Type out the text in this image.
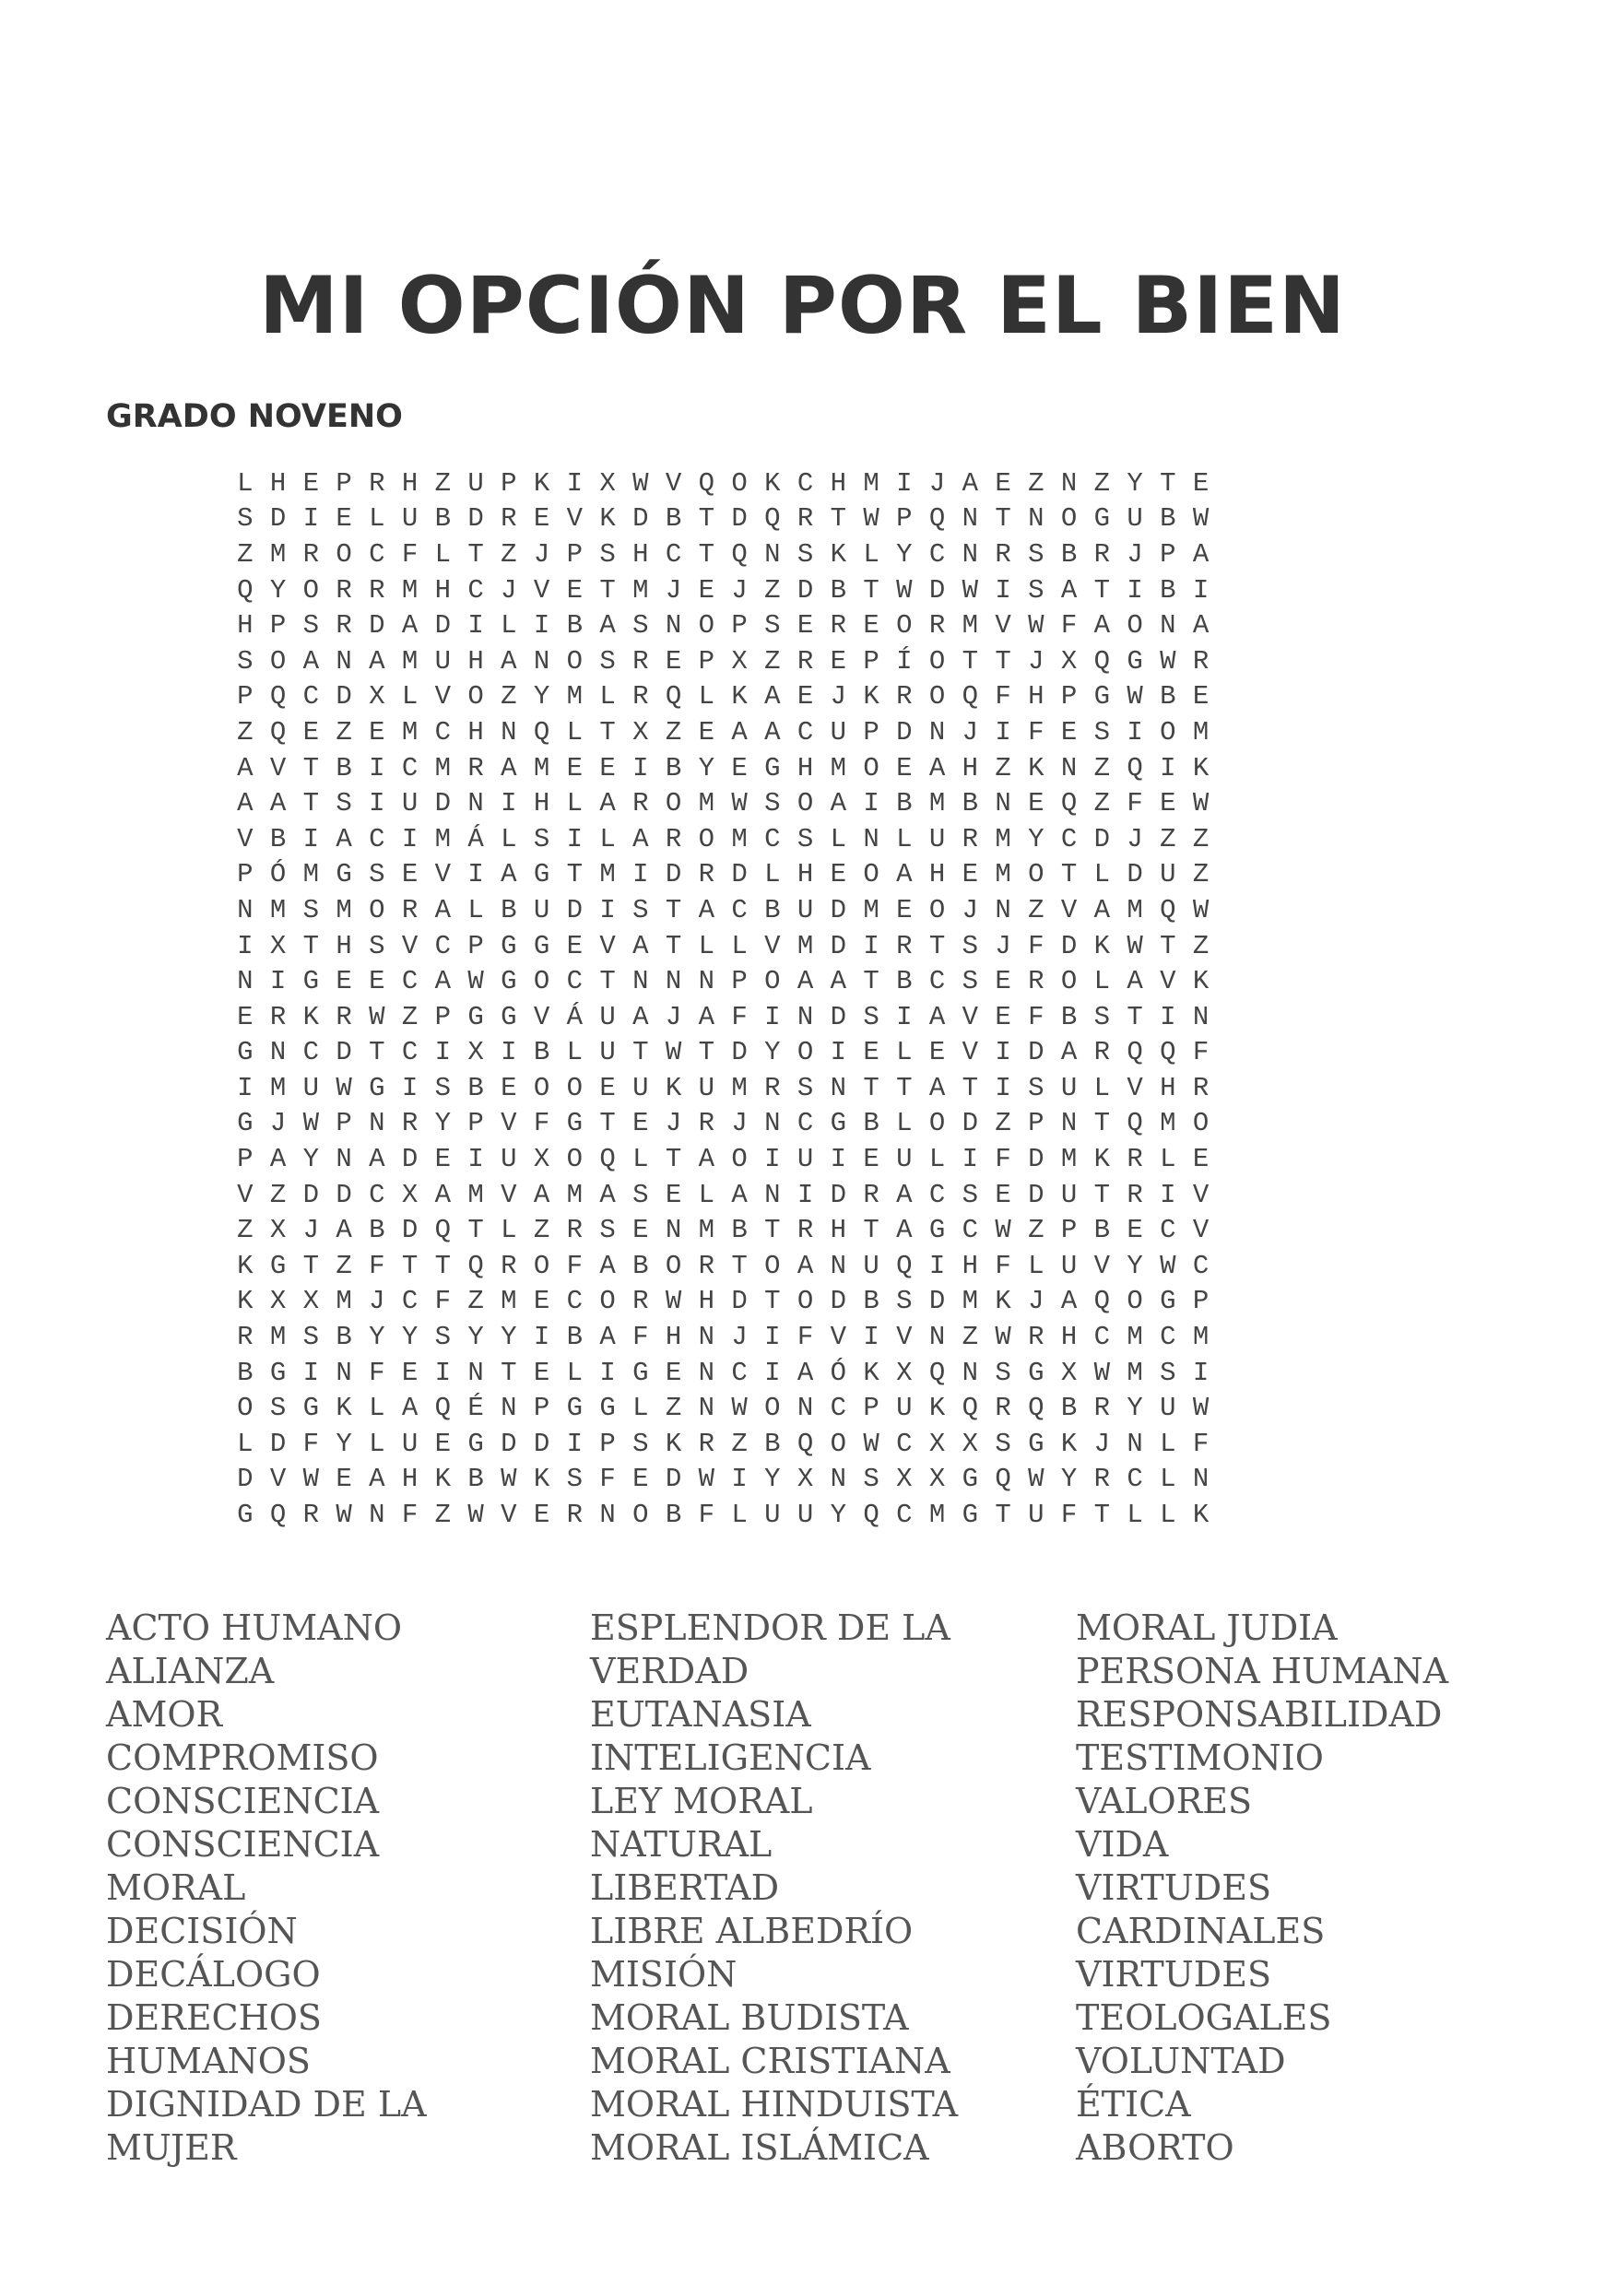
MI OPCIÓN POR EL BIEN
GRADO NOVENO
L H E P R H Z U P K I X W V Q O K C H M I J A E Z N Z Y T E
S D I E L U B D R E V K D B T D Q R T W P Q N T N O G U B W
Z M R O C F L T Z J P S H C T Q N S K L Y C N R S B R J P A
Q Y O R R M H C J V E T M J E J Z D B T W D W I S A T I B I
H P S R D A D I L I B A S N O P S E R E O R M V W F A O N A
S O A N A M U H A N O S R E P X Z R E P Í O T T J X Q G W R
P Q C D X L V O Z Y M L R Q L K A E J K R O Q F H P G W B E
Z Q E Z E M C H N Q L T X Z E A A C U P D N J I F E S I O M
A V T B I C M R A M E E I B Y E G H M O E A H Z K N Z Q I K
A A T S I U D N I H L A R O M W S O A I B M B N E Q Z F E W
V B I A C I M Á L S I L A R O M C S L N L U R M Y C D J Z Z
P Ó M G S E V I A G T M I D R D L H E O A H E M O T L D U Z
N M S M O R A L B U D I S T A C B U D M E O J N Z V A M Q W
I X T H S V C P G G E V A T L L V M D I R T S J F D K W T Z
N I G E E C A W G O C T N N N P O A A T B C S E R O L A V K
E R K R W Z P G G V Á U A J A F I N D S I A V E F B S T I N
G N C D T C I X I B L U T W T D Y O I E L E V I D A R Q Q F
I M U W G I S B E O O E U K U M R S N T T A T I S U L V H R
G J W P N R Y P V F G T E J R J N C G B L O D Z P N T Q M O
P A Y N A D E I U X O Q L T A O I U I E U L I F D M K R L E
V Z D D C X A M V A M A S E L A N I D R A C S E D U T R I V
Z X J A B D Q T L Z R S E N M B T R H T A G C W Z P B E C V
K G T Z F T T Q R O F A B O R T O A N U Q I H F L U V Y W C
K X X M J C F Z M E C O R W H D T O D B S D M K J A Q O G P
R M S B Y Y S Y Y I B A F H N J I F V I V N Z W R H C M C M
B G I N F E I N T E L I G E N C I A Ó K X Q N S G X W M S I
O S G K L A Q É N P G G L Z N W O N C P U K Q R Q B R Y U W
L D F Y L U E G D D I P S K R Z B Q O W C X X S G K J N L F
D V W E A H K B W K S F E D W I Y X N S X X G Q W Y R C L N
G Q R W N F Z W V E R N O B F L U U Y Q C M G T U F T L L K
ACTO HUMANO
ALIANZA
AMOR
COMPROMISO
CONSCIENCIA
CONSCIENCIA
MORAL
DECISIÓN
DECÁLOGO
DERECHOS
HUMANOS
DIGNIDAD DE LA
MUJER
ESPLENDOR DE LA
VERDAD
EUTANASIA
INTELIGENCIA
LEY MORAL
NATURAL
LIBERTAD
LIBRE ALBEDRÍO
MISIÓN
MORAL BUDISTA
MORAL CRISTIANA
MORAL HINDUISTA
MORAL ISLÁMICA
MORAL JUDIA
PERSONA HUMANA
RESPONSABILIDAD
TESTIMONIO
VALORES
VIDA
VIRTUDES
CARDINALES
VIRTUDES
TEOLOGALES
VOLUNTAD
ÉTICA
ABORTO
